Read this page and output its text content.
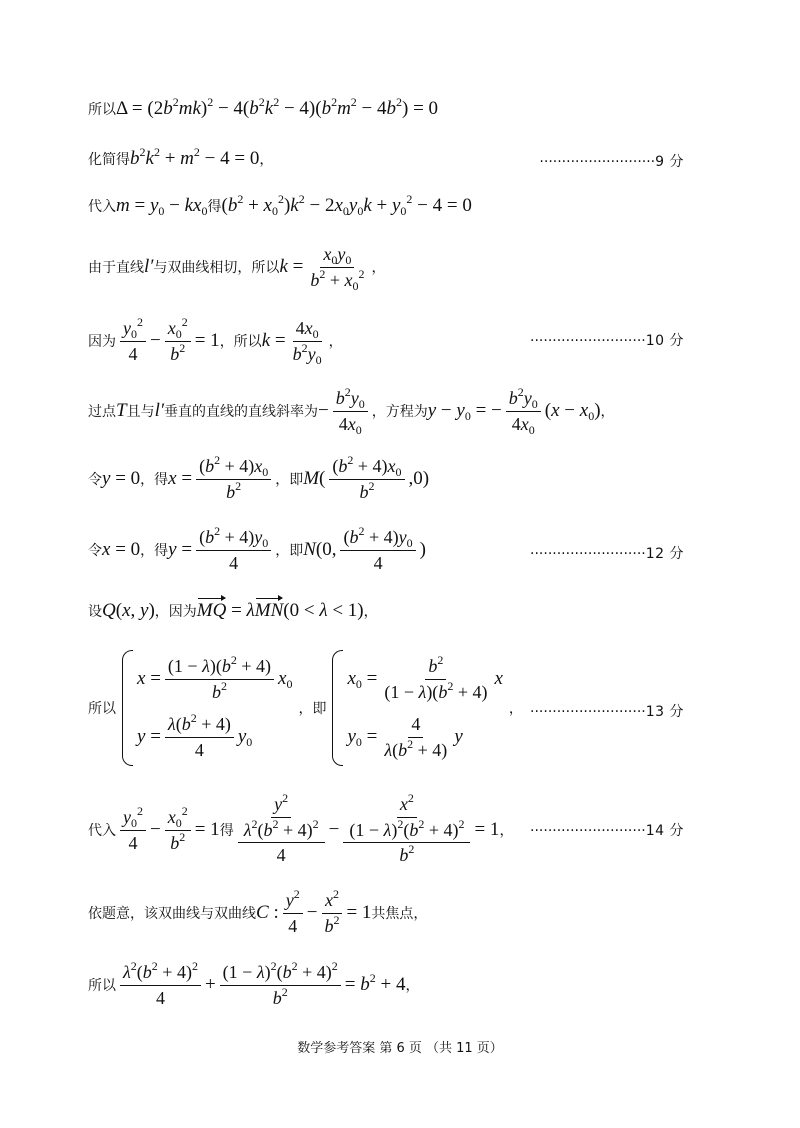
所以 $\Delta = (2b^2mk)^2 - 4(b^2k^2 - 4)(b^2m^2 - 4b^2) = 0$
化简得 $b^2k^2 + m^2 - 4 = 0$ ，	··························9 分
代入 $m = y_0 - kx_0$ 得 $(b^2 + x_0^2)k^2 - 2x_0y_0k + y_0^2 - 4 = 0$
由于直线 l′ 与双曲线相切，所以 $k = \frac{x_0y_0}{b^2 + x_0^2}$ ，
因为 $\frac{y_0^2}{4} - \frac{x_0^2}{b^2} = 1$ ，所以 $k = \frac{4x_0}{b^2y_0}$ ，	··························10 分
过点 T 且与 l′ 垂直的直线的直线斜率为 − $\frac{b^2y_0}{4x_0}$ ，方程为 $y - y_0$ = − $\frac{b^2y_0}{4x_0} (x - x_0)$ ，
令 y = 0 ，得 $x = \frac{(b^2 + 4)x_0}{b^2}$ ，即 $M( \frac{(b^2 + 4)x_0}{b^2} ,0)$
令 x = 0 ，得 $y = \frac{(b^2 + 4)y_0}{4}$ ，即 N(0, $\frac{(b^2 + 4)y_0}{4}$ )	··························12 分
设 Q(x, y) ，因为 MQ = λMN(0 < λ < 1) ，
所以
$x = \frac{(1 - \lambda)(b^2 + 4)}{b^2} x_0$
$y = \frac{\lambda(b^2 + 4)}{4} y_0$
，即
$x_0 = \frac{b^2}{(1 - \lambda)(b^2 + 4)}$ x
$y_0 = \frac{4}{\lambda(b^2 + 4)}$ y
， ··························13 分
代入 $\frac{y_0^2}{4} - \frac{x_0^2}{b^2} = 1$ 得 $\frac{\frac{y^2}{\lambda^2(b^2 + 4)^2}}{4} - \frac{\frac{x^2}{(1 - \lambda)^2(b^2 + 4)^2}}{b^2} = 1$ ， ··························14 分
依题意，该双曲线与双曲线 C : $\frac{y^2}{4} - \frac{x^2}{b^2} = 1$ 共焦点，
所以 $\frac{\lambda^2(b^2 + 4)^2}{4} + \frac{(1 - \lambda)^2(b^2 + 4)^2}{b^2} = b^2 + 4$ ，
数学参考答案 第 6 页 （共 11 页）
